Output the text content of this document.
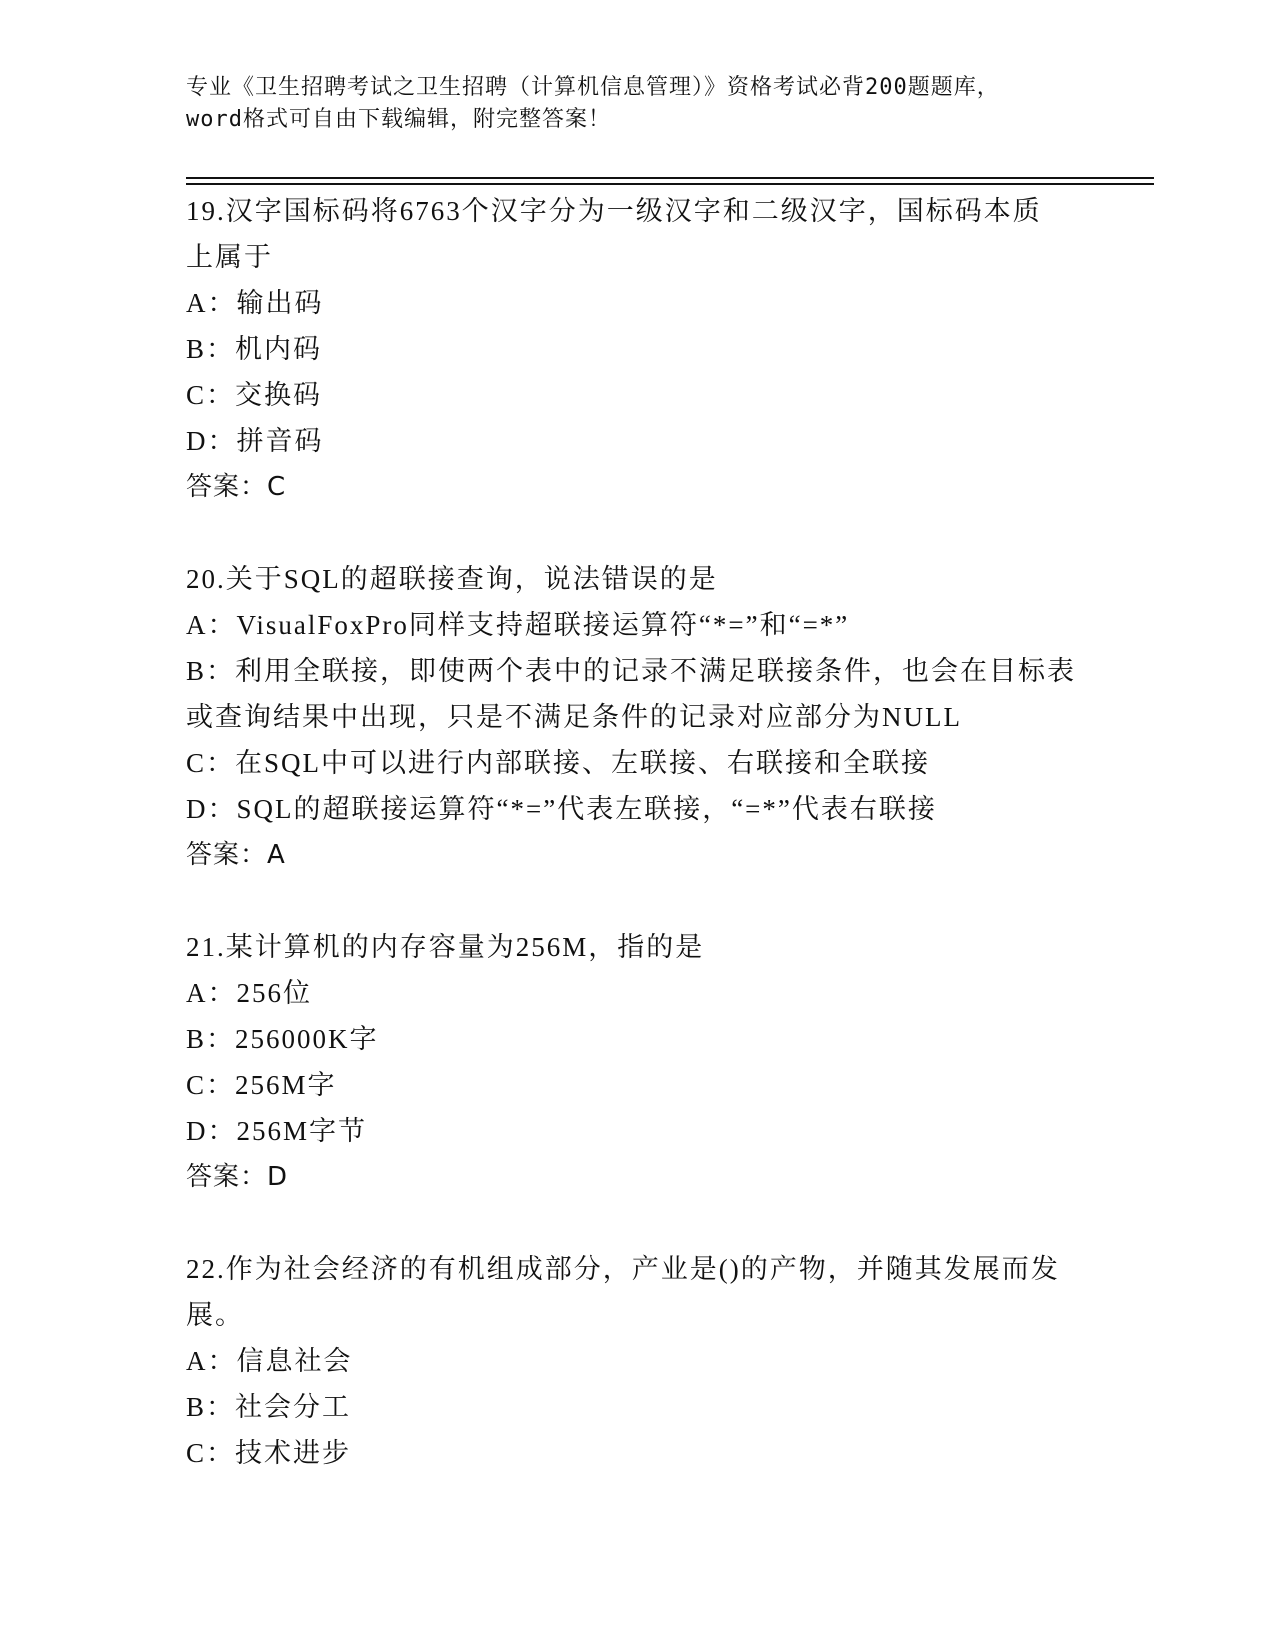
专业《卫生招聘考试之卫生招聘（计算机信息管理）》资格考试必背200题题库，
word格式可自由下载编辑，附完整答案！
19.汉字国标码将6763个汉字分为一级汉字和二级汉字，国标码本质
上属于
A：输出码
B：机内码
C：交换码
D：拼音码
答案：C
20.关于SQL的超联接查询，说法错误的是
A：VisualFoxPro同样支持超联接运算符“*=”和“=*”
B：利用全联接，即使两个表中的记录不满足联接条件，也会在目标表
或查询结果中出现，只是不满足条件的记录对应部分为NULL
C：在SQL中可以进行内部联接、左联接、右联接和全联接
D：SQL的超联接运算符“*=”代表左联接，“=*”代表右联接
答案：A
21.某计算机的内存容量为256M，指的是
A：256位
B：256000K字
C：256M字
D：256M字节
答案：D
22.作为社会经济的有机组成部分，产业是()的产物，并随其发展而发
展。
A：信息社会
B：社会分工
C：技术进步
